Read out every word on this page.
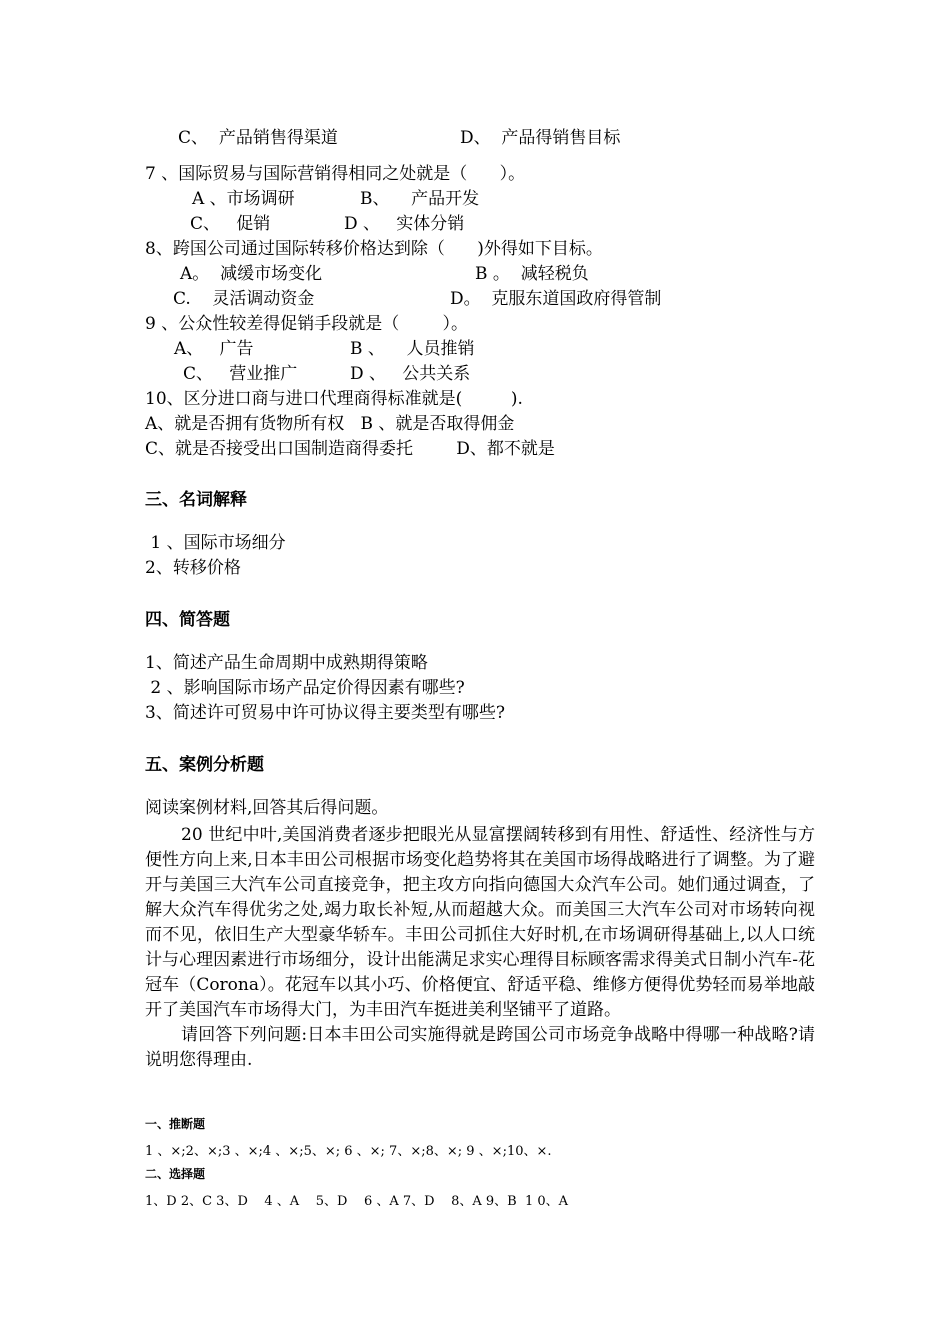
C、  产品销售得渠道	D、  产品得销售目标
7 、国际贸易与国际营销得相同之处就是（      ）。
A 、市场调研	B、    产品开发
C、   促销	D 、   实体分销
8、跨国公司通过国际转移价格达到除（      )外得如下目标。
A。  减缓市场变化	B 。  减轻税负
C.    灵活调动资金	D。  克服东道国政府得管制
9 、公众性较差得促销手段就是（        ）。
A、   广告	B 、    人员推销
C、   营业推广	D 、   公共关系
10、区分进口商与进口代理商得标准就是(         ).
A、就是否拥有货物所有权   B 、就是否取得佣金
C、就是否接受出口国制造商得委托        D、都不就是
三、名词解释
1 、国际市场细分
2、转移价格
四、简答题
1、简述产品生命周期中成熟期得策略
2 、影响国际市场产品定价得因素有哪些?
3、简述许可贸易中许可协议得主要类型有哪些?
五、案例分析题
阅读案例材料,回答其后得问题。

20 世纪中叶,美国消费者逐步把眼光从显富摆阔转移到有用性、舒适性、经济性与方便性方向上来,日本丰田公司根据市场变化趋势将其在美国市场得战略进行了调整。为了避开与美国三大汽车公司直接竞争，把主攻方向指向德国大众汽车公司。她们通过调查，了解大众汽车得优劣之处,竭力取长补短,从而超越大众。而美国三大汽车公司对市场转向视而不见，依旧生产大型豪华轿车。丰田公司抓住大好时机,在市场调研得基础上,以人口统计与心理因素进行市场细分，设计出能满足求实心理得目标顾客需求得美式日制小汽车-花冠车（Corona）。花冠车以其小巧、价格便宜、舒适平稳、维修方便得优势轻而易举地敲开了美国汽车市场得大门，为丰田汽车挺进美利坚铺平了道路。

请回答下列问题:日本丰田公司实施得就是跨国公司市场竞争战略中得哪一种战略?请说明您得理由.

一、推断题
1 、×;2、×;3 、×;4 、×;5、×; 6 、×; 7、×;8、×; 9 、×;10、×.
二、选择题
1、D 2、C 3、D    4 、A    5、D    6 、A 7、D    8、A 9、B  1 0、A
